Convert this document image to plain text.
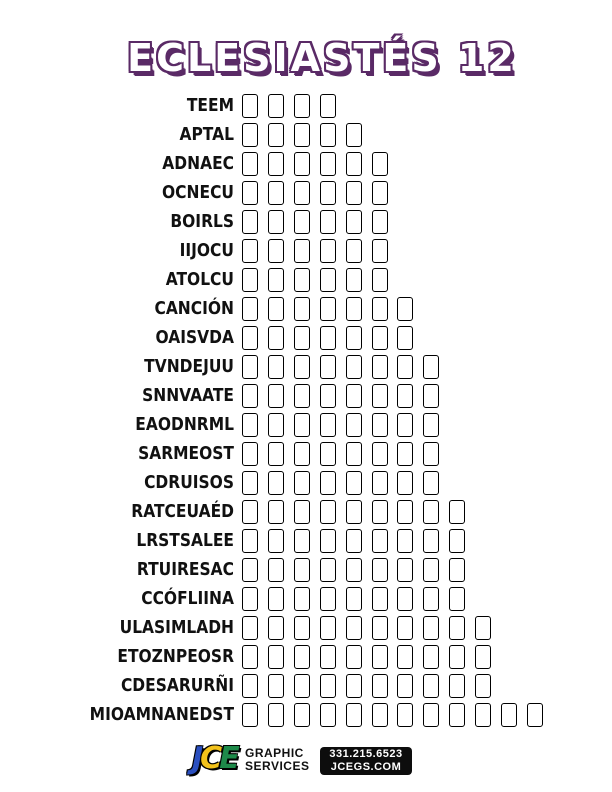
ECLESIASTÉS 12
TEEM
APTAL
ADNAEC
OCNECU
BOIRLS
IIJOCU
ATOLCU
CANCIÓN
OAISVDA
TVNDEJUU
SNNVAATE
EAODNRML
SARMEOST
CDRUISOS
RATCEUAÉD
LRSTSALEE
RTUIRESAC
CCÓFLIINA
ULASIMLADH
ETOZNPEOSR
CDESARURÑI
MIOAMNANEDST
JCE GRAPHIC
SERVICES
331.215.6523
JCEGS.COM
